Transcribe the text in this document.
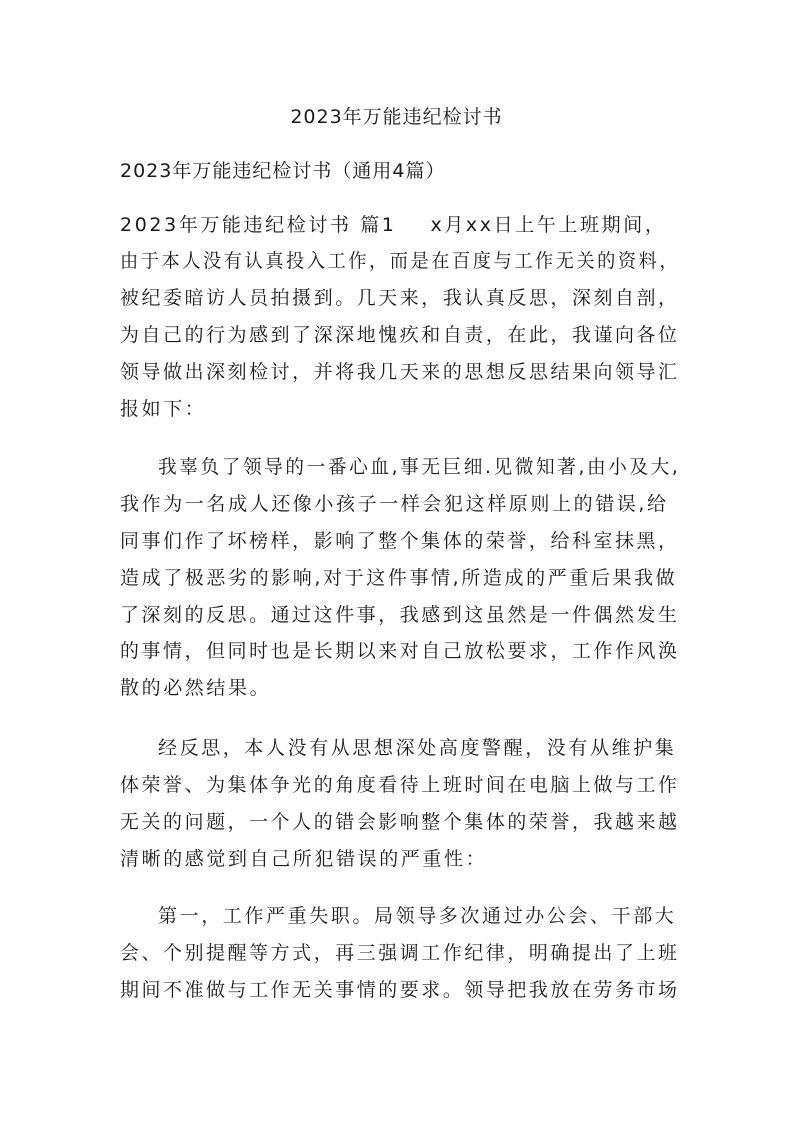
2023年万能违纪检讨书
2023年万能违纪检讨书（通用4篇）
2023年万能违纪检讨书 篇1 x月xx日上午上班期间，
由于本人没有认真投入工作，而是在百度与工作无关的资料，
被纪委暗访人员拍摄到。几天来，我认真反思，深刻自剖，
为自己的行为感到了深深地愧疚和自责，在此，我谨向各位
领导做出深刻检讨，并将我几天来的思想反思结果向领导汇
报如下：
我辜负了领导的一番心血,事无巨细.见微知著,由小及大,
我作为一名成人还像小孩子一样会犯这样原则上的错误,给
同事们作了坏榜样，影响了整个集体的荣誉，给科室抹黑，
造成了极恶劣的影响,对于这件事情,所造成的严重后果我做
了深刻的反思。通过这件事，我感到这虽然是一件偶然发生
的事情，但同时也是长期以来对自己放松要求，工作作风涣
散的必然结果。
经反思，本人没有从思想深处高度警醒，没有从维护集
体荣誉、为集体争光的角度看待上班时间在电脑上做与工作
无关的问题，一个人的错会影响整个集体的荣誉，我越来越
清晰的感觉到自己所犯错误的严重性：
第一，工作严重失职。局领导多次通过办公会、干部大
会、个别提醒等方式，再三强调工作纪律，明确提出了上班
期间不准做与工作无关事情的要求。领导把我放在劳务市场
